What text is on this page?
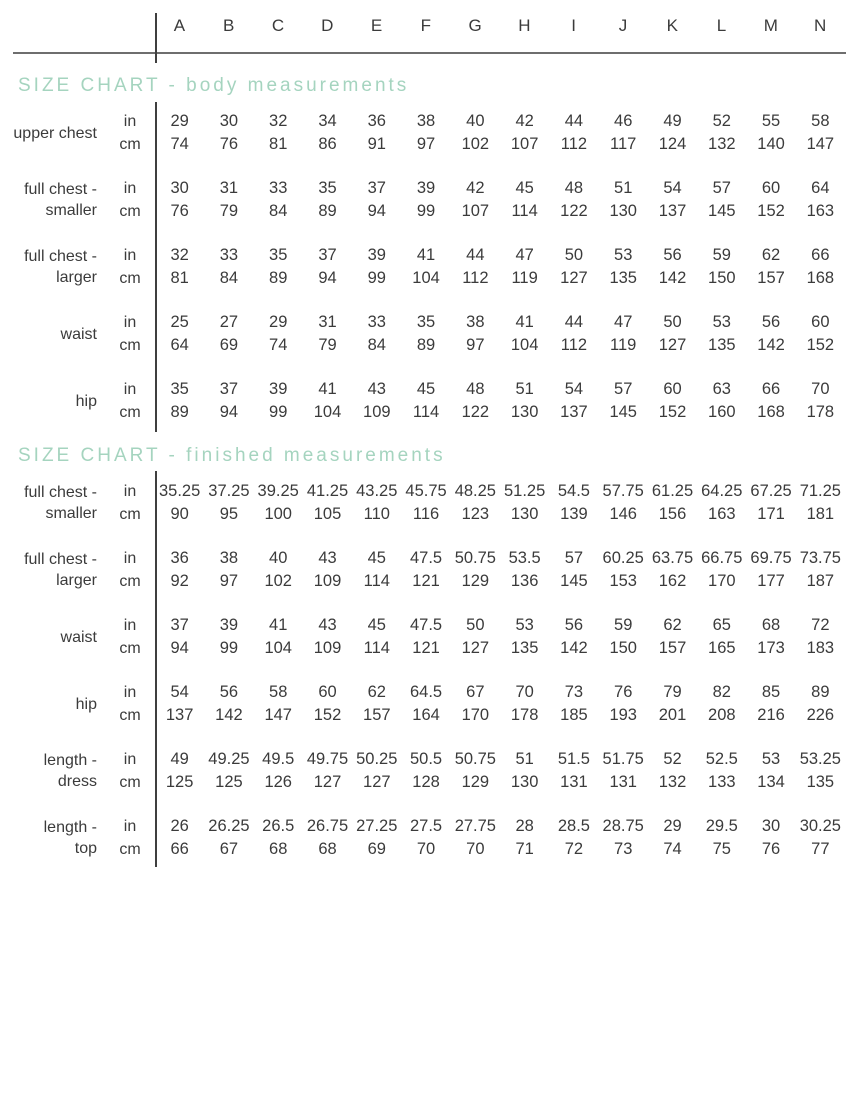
A	B	C	D	E	F	G	H	I	J	K	L	M	N
SIZE CHART - body measurements
upper chest
in	29	30	32	34	36	38	40	42	44	46	49	52	55	58
cm	74	76	81	86	91	97	102	107	112	117	124	132	140	147
full chest -
smaller
in	30	31	33	35	37	39	42	45	48	51	54	57	60	64
cm	76	79	84	89	94	99	107	114	122	130	137	145	152	163
full chest -
larger
in	32	33	35	37	39	41	44	47	50	53	56	59	62	66
cm	81	84	89	94	99	104	112	119	127	135	142	150	157	168
waist
in	25	27	29	31	33	35	38	41	44	47	50	53	56	60
cm	64	69	74	79	84	89	97	104	112	119	127	135	142	152
hip
in	35	37	39	41	43	45	48	51	54	57	60	63	66	70
cm	89	94	99	104	109	114	122	130	137	145	152	160	168	178
SIZE CHART - finished measurements
full chest -
smaller
in	35.25 37.25 39.25 41.25 43.25 45.75 48.25 51.25 54.5 57.75 61.25 64.25 67.25 71.25
cm	90	95	100	105	110	116	123	130	139	146	156	163	171	181
full chest -
larger
in	36	38	40	43	45	47.5 50.75 53.5	57	60.25 63.75 66.75 69.75 73.75
cm	92	97	102	109	114	121	129	136	145	153	162	170	177	187
waist
in	37	39	41	43	45	47.5	50	53	56	59	62	65	68	72
cm	94	99	104	109	114	121	127	135	142	150	157	165	173	183
hip
in	54	56	58	60	62	64.5	67	70	73	76	79	82	85	89
cm	137	142	147	152	157	164	170	178	185	193	201	208	216	226
length -
dress
in	49	49.25 49.5 49.75 50.25 50.5 50.75	51	51.5 51.75	52	52.5	53	53.25
cm	125	125	126	127	127	128	129	130	131	131	132	133	134	135
length -
top
in	26	26.25 26.5 26.75 27.25 27.5 27.75	28	28.5 28.75	29	29.5	30	30.25
cm	66	67	68	68	69	70	70	71	72	73	74	75	76	77
